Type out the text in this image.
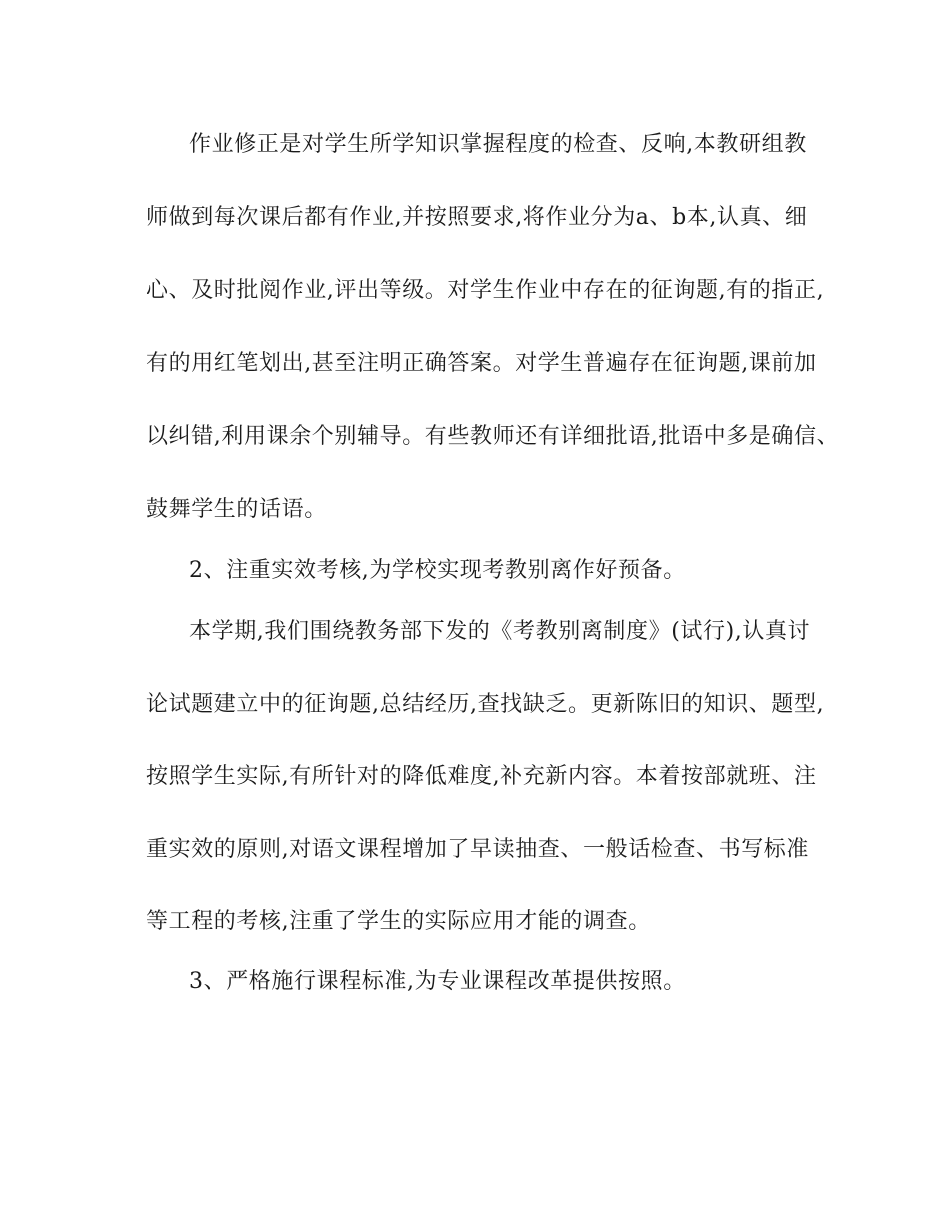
作业修正是对学生所学知识掌握程度的检查、反响,本教研组教
师做到每次课后都有作业,并按照要求,将作业分为a、b本,认真、细
心、及时批阅作业,评出等级。对学生作业中存在的征询题,有的指正,
有的用红笔划出,甚至注明正确答案。对学生普遍存在征询题,课前加
以纠错,利用课余个别辅导。有些教师还有详细批语,批语中多是确信、
鼓舞学生的话语。
2、注重实效考核,为学校实现考教别离作好预备。
本学期,我们围绕教务部下发的《考教别离制度》(试行),认真讨
论试题建立中的征询题,总结经历,查找缺乏。更新陈旧的知识、题型,
按照学生实际,有所针对的降低难度,补充新内容。本着按部就班、注
重实效的原则,对语文课程增加了早读抽查、一般话检查、书写标准
等工程的考核,注重了学生的实际应用才能的调查。
3、严格施行课程标准,为专业课程改革提供按照。
